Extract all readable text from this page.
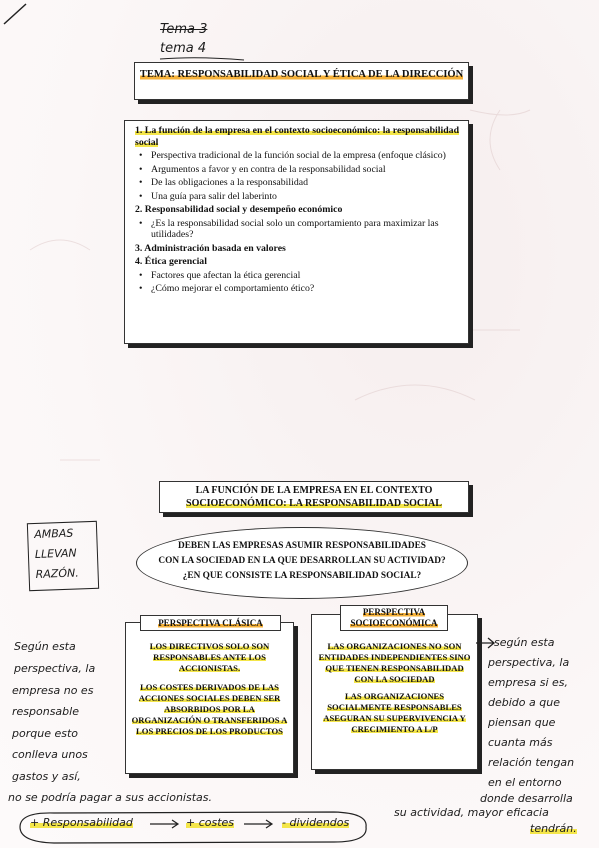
Tema 3
tema 4

TEMA: RESPONSABILIDAD SOCIAL Y ÉTICA DE LA DIRECCIÓN

1. La función de la empresa en el contexto socioeconómico: la responsabilidad social
• Perspectiva tradicional de la función social de la empresa (enfoque clásico)
• Argumentos a favor y en contra de la responsabilidad social
• De las obligaciones a la responsabilidad
• Una guía para salir del laberinto
2. Responsabilidad social y desempeño económico
• ¿Es la responsabilidad social solo un comportamiento para maximizar las utilidades?
3. Administración basada en valores
4. Ética gerencial
• Factores que afectan la ética gerencial
• ¿Cómo mejorar el comportamiento ético?

LA FUNCIÓN DE LA EMPRESA EN EL CONTEXTO
SOCIOECONÓMICO: LA RESPONSABILIDAD SOCIAL

AMBAS
LLEVAN
RAZÓN.

DEBEN LAS EMPRESAS ASUMIR RESPONSABILIDADES

CON LA SOCIEDAD EN LA QUE DESARROLLAN SU ACTIVIDAD?

¿EN QUE CONSISTE LA RESPONSABILIDAD SOCIAL?

PERSPECTIVA CLÁSICA

LOS DIRECTIVOS SOLO SON RESPONSABLES ANTE LOS ACCIONISTAS.

LOS COSTES DERIVADOS DE LAS ACCIONES SOCIALES DEBEN SER ABSORBIDOS POR LA ORGANIZACIÓN O TRANSFERIDOS A LOS PRECIOS DE LOS PRODUCTOS

PERSPECTIVA SOCIOECONÓMICA

LAS ORGANIZACIONES NO SON ENTIDADES INDEPENDIENTES SINO QUE TIENEN RESPONSABILIDAD CON LA SOCIEDAD

LAS ORGANIZACIONES SOCIALMENTE RESPONSABLES ASEGURAN SU SUPERVIVENCIA Y CRECIMIENTO A L/P

Según esta
perspectiva, la
empresa no es
responsable
porque esto
conlleva unos
gastos y así,
no se podría pagar a sus accionistas.
según esta
perspectiva, la
empresa si es,
debido a que
piensan que
cuanta más
relación tengan
en el entorno
donde desarrolla
su actividad, mayor eficacia
tendrán.
+ Responsabilidad	+ costes	- dividendos
